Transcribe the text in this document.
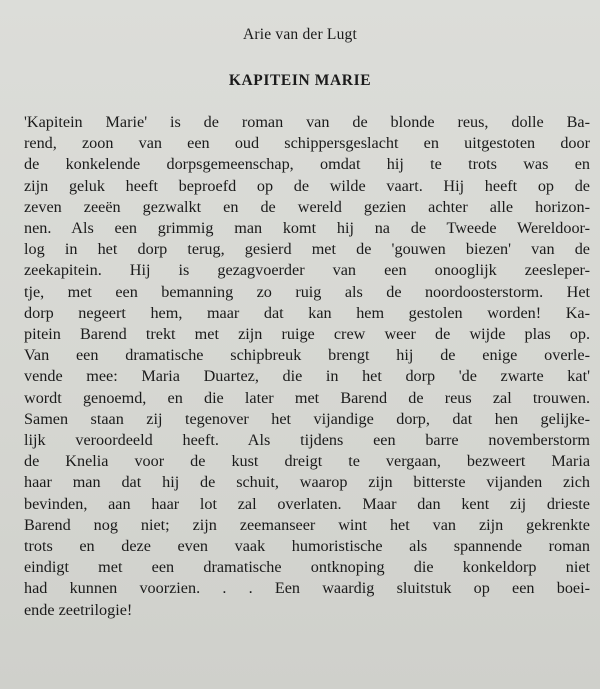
Arie van der Lugt
KAPITEIN MARIE
'Kapitein Marie' is de roman van de blonde reus, dolle Ba-
rend, zoon van een oud schippersgeslacht en uitgestoten door
de konkelende dorpsgemeenschap, omdat hij te trots was en
zijn geluk heeft beproefd op de wilde vaart. Hij heeft op de
zeven zeeën gezwalkt en de wereld gezien achter alle horizon-
nen. Als een grimmig man komt hij na de Tweede Wereldoor-
log in het dorp terug, gesierd met de 'gouwen biezen' van de
zeekapitein. Hij is gezagvoerder van een onooglijk zeesleper-
tje, met een bemanning zo ruig als de noordoosterstorm. Het
dorp negeert hem, maar dat kan hem gestolen worden! Ka-
pitein Barend trekt met zijn ruige crew weer de wijde plas op.
Van een dramatische schipbreuk brengt hij de enige overle-
vende mee: Maria Duartez, die in het dorp 'de zwarte kat'
wordt genoemd, en die later met Barend de reus zal trouwen.
Samen staan zij tegenover het vijandige dorp, dat hen gelijke-
lijk veroordeeld heeft. Als tijdens een barre novemberstorm
de Knelia voor de kust dreigt te vergaan, bezweert Maria
haar man dat hij de schuit, waarop zijn bitterste vijanden zich
bevinden, aan haar lot zal overlaten. Maar dan kent zij drieste
Barend nog niet; zijn zeemanseer wint het van zijn gekrenkte
trots en deze even vaak humoristische als spannende roman
eindigt met een dramatische ontknoping die konkeldorp niet
had kunnen voorzien. . . Een waardig sluitstuk op een boei-
ende zeetrilogie!
